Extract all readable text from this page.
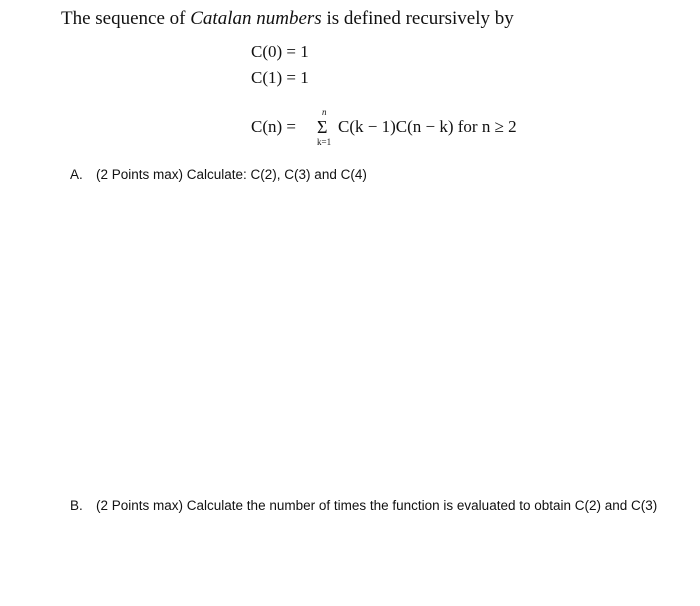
The sequence of Catalan numbers is defined recursively by
C(0) = 1
C(1) = 1
C(n) =
n
Σ
k=1
C(k − 1)C(n − k) for n ≥ 2
A. (2 Points max) Calculate: C(2), C(3) and C(4)
B. (2 Points max) Calculate the number of times the function is evaluated to obtain C(2) and C(3)
